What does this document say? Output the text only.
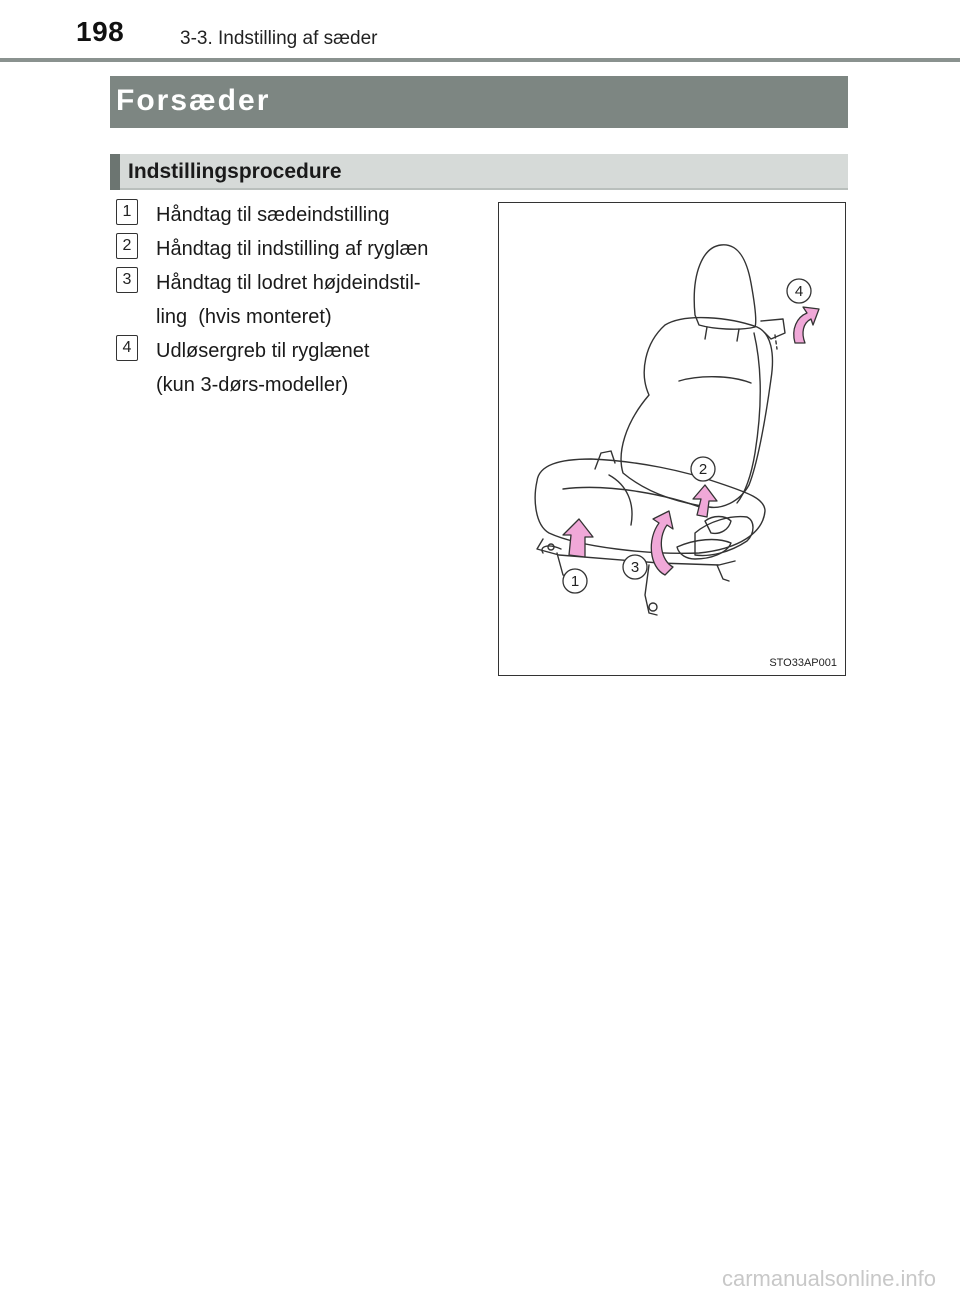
198	3-3. Indstilling af sæder
Forsæder
Indstillingsprocedure
1	Håndtag til sædeindstilling
2	Håndtag til indstilling af ryglæn
3	Håndtag til lodret højdeindstil-
ling  (hvis monteret)
4	Udløsergreb til ryglænet
(kun 3-dørs-modeller)
1
2
3
4
STO33AP001
carmanualsonline.info
